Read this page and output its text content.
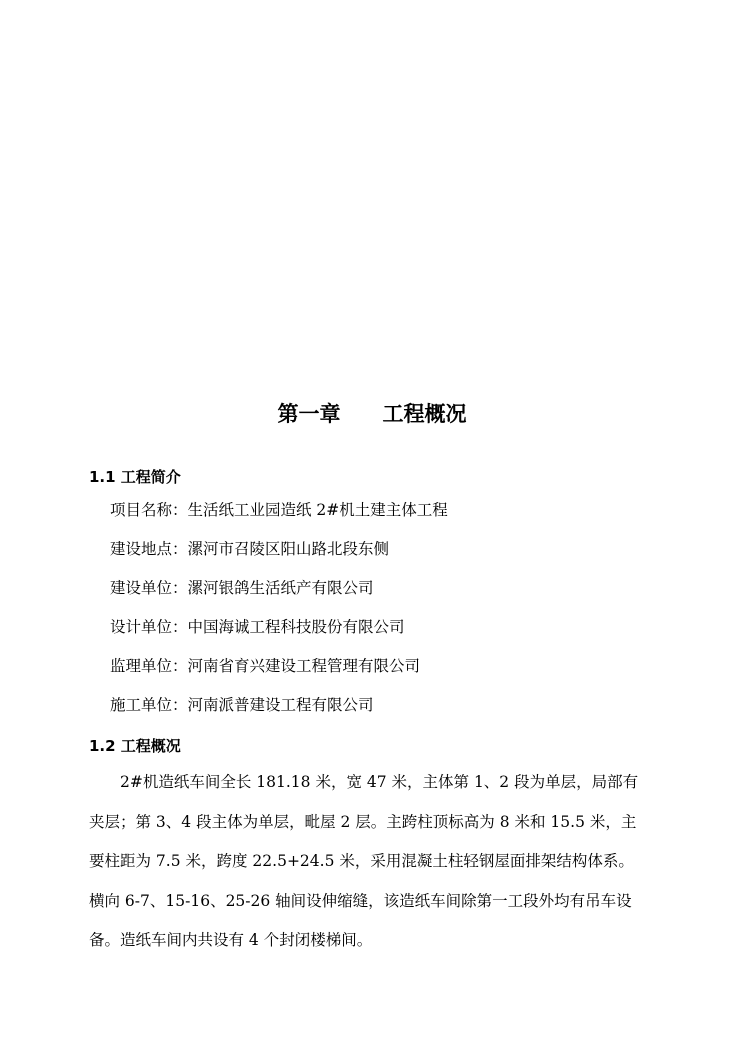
第一章 工程概况
1.1 工程简介
项目名称：生活纸工业园造纸 2#机土建主体工程
建设地点：漯河市召陵区阳山路北段东侧
建设单位：漯河银鸽生活纸产有限公司
设计单位：中国海诚工程科技股份有限公司
监理单位：河南省育兴建设工程管理有限公司
施工单位：河南派普建设工程有限公司
1.2 工程概况
2#机造纸车间全长 181.18 米，宽 47 米，主体第 1、2 段为单层，局部有
夹层；第 3、4 段主体为单层，毗屋 2 层。主跨柱顶标高为 8 米和 15.5 米，主
要柱距为 7.5 米，跨度 22.5+24.5 米，采用混凝土柱轻钢屋面排架结构体系。
横向 6-7、15-16、25-26 轴间设伸缩缝，该造纸车间除第一工段外均有吊车设
备。造纸车间内共设有 4 个封闭楼梯间。
